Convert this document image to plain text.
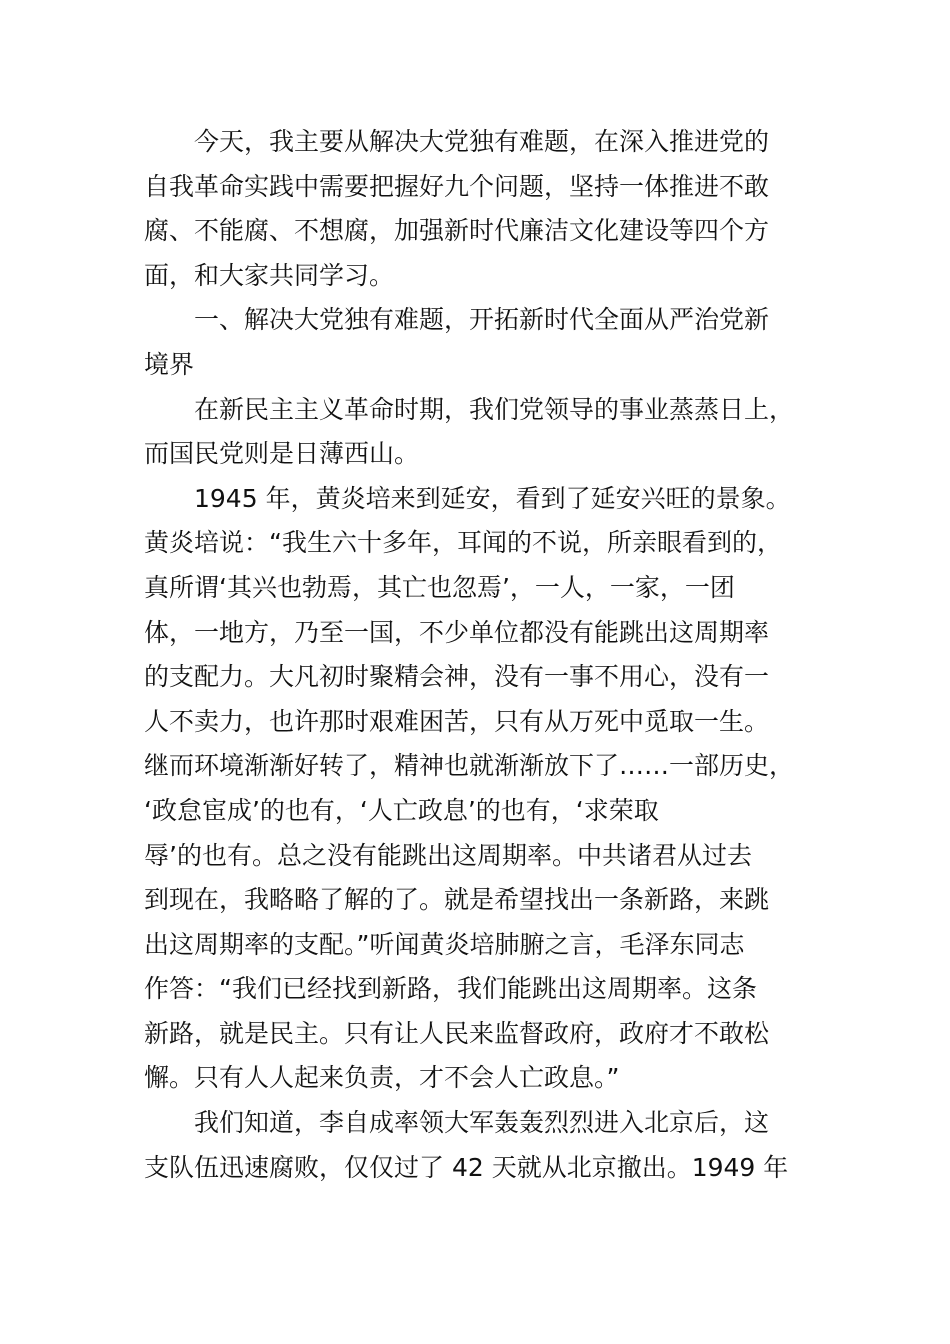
今天，我主要从解决大党独有难题，在深入推进党的
自我革命实践中需要把握好九个问题，坚持一体推进不敢
腐、不能腐、不想腐，加强新时代廉洁文化建设等四个方
面，和大家共同学习。
一、解决大党独有难题，开拓新时代全面从严治党新
境界
在新民主主义革命时期，我们党领导的事业蒸蒸日上，
而国民党则是日薄西山。
1945 年，黄炎培来到延安，看到了延安兴旺的景象。
黄炎培说：“我生六十多年，耳闻的不说，所亲眼看到的，
真所谓‘其兴也勃焉，其亡也忽焉’，一人，一家，一团
体，一地方，乃至一国，不少单位都没有能跳出这周期率
的支配力。大凡初时聚精会神，没有一事不用心，没有一
人不卖力，也许那时艰难困苦，只有从万死中觅取一生。
继而环境渐渐好转了，精神也就渐渐放下了……一部历史，
‘政怠宦成’的也有，‘人亡政息’的也有，‘求荣取
辱’的也有。总之没有能跳出这周期率。中共诸君从过去
到现在，我略略了解的了。就是希望找出一条新路，来跳
出这周期率的支配。”听闻黄炎培肺腑之言，毛泽东同志
作答：“我们已经找到新路，我们能跳出这周期率。这条
新路，就是民主。只有让人民来监督政府，政府才不敢松
懈。只有人人起来负责，才不会人亡政息。”
我们知道，李自成率领大军轰轰烈烈进入北京后，这
支队伍迅速腐败，仅仅过了 42 天就从北京撤出。1949 年
